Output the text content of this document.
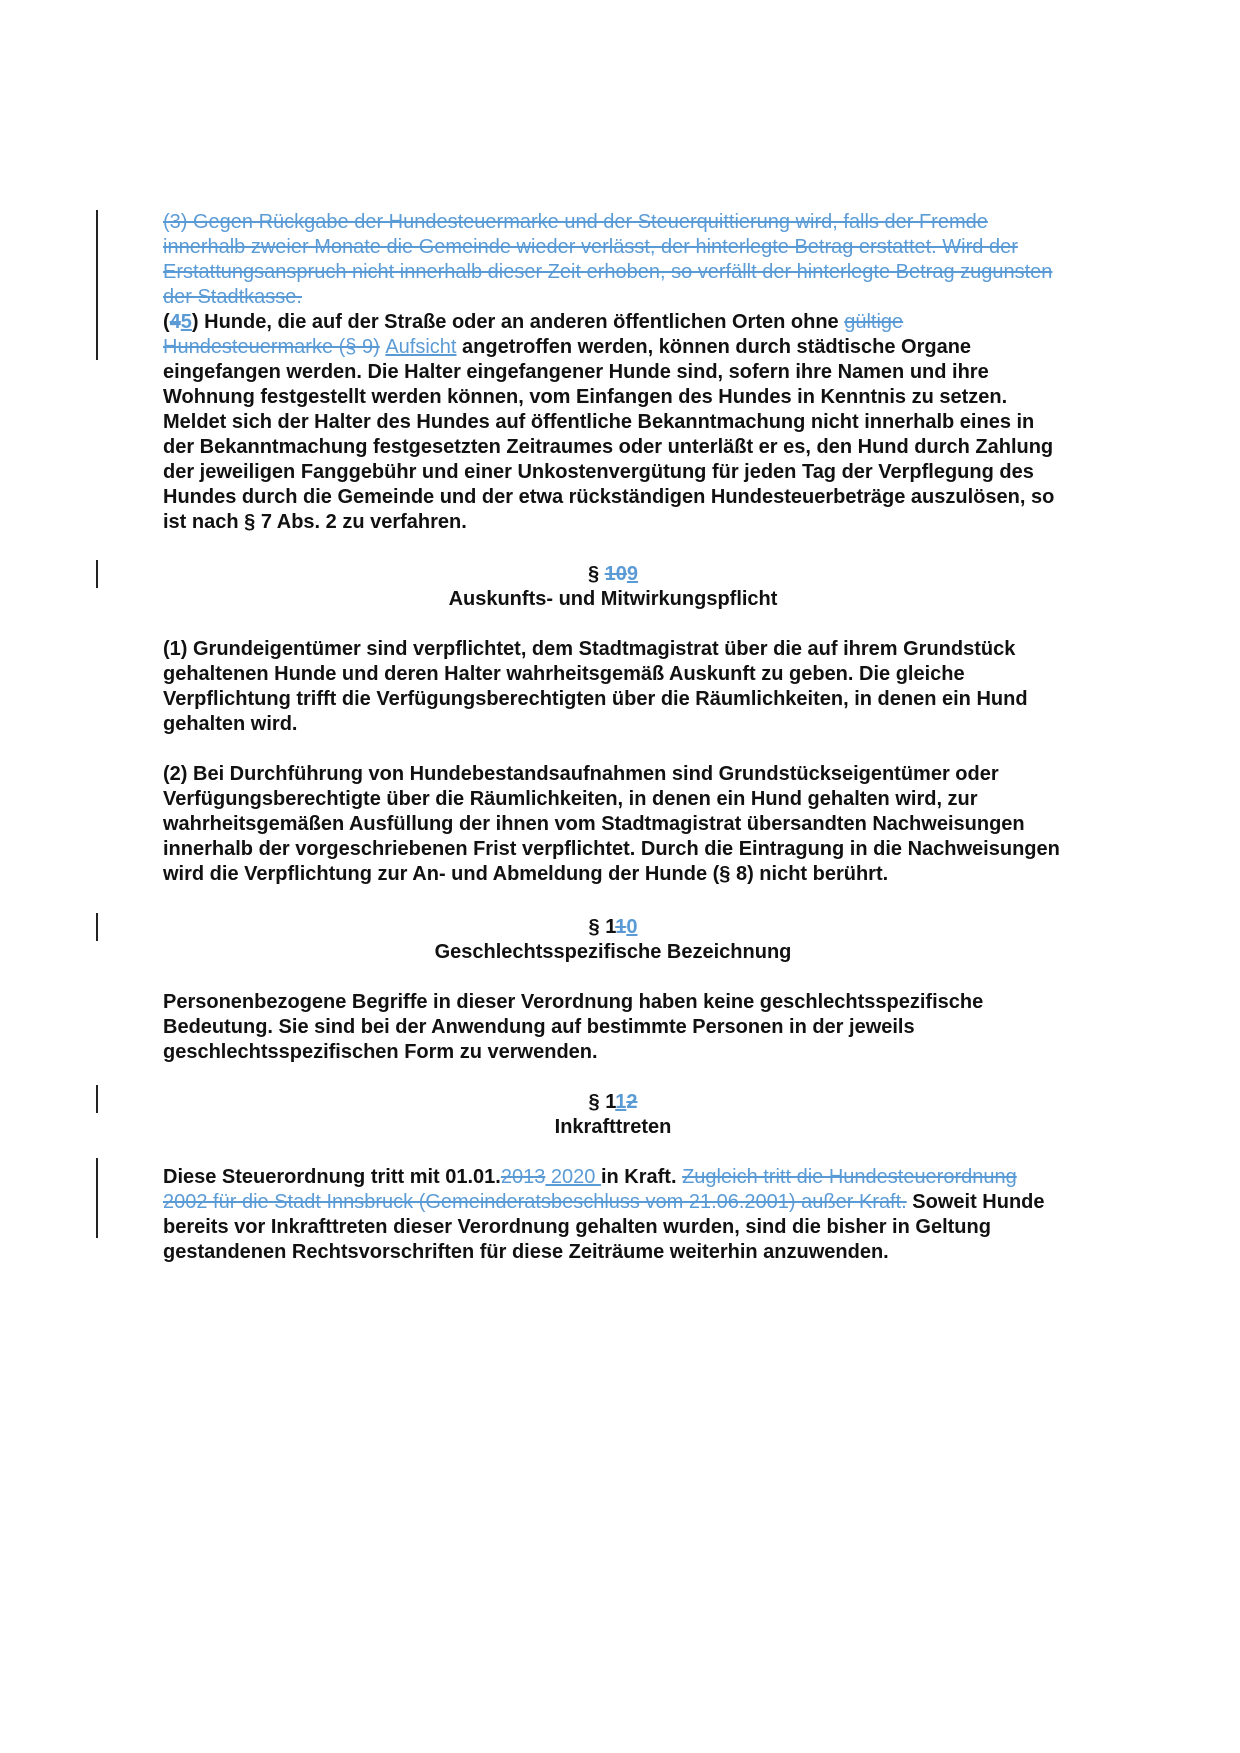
(3) Gegen Rückgabe der Hundesteuermarke und der Steuerquittierung wird, falls der Fremde innerhalb zweier Monate die Gemeinde wieder verlässt, der hinterlegte Betrag erstattet. Wird der Erstattungsanspruch nicht innerhalb dieser Zeit erhoben, so verfällt der hinterlegte Betrag zugunsten der Stadtkasse.

(45) Hunde, die auf der Straße oder an anderen öffentlichen Orten ohne gültige Hundesteuermarke (§ 9) Aufsicht angetroffen werden, können durch städtische Organe eingefangen werden. Die Halter eingefangener Hunde sind, sofern ihre Namen und ihre Wohnung festgestellt werden können, vom Einfangen des Hundes in Kenntnis zu setzen. Meldet sich der Halter des Hundes auf öffentliche Bekanntmachung nicht innerhalb eines in der Bekanntmachung festgesetzten Zeitraumes oder unterläßt er es, den Hund durch Zahlung der jeweiligen Fanggebühr und einer Unkostenvergütung für jeden Tag der Verpflegung des Hundes durch die Gemeinde und der etwa rückständigen Hundesteuerbeträge auszulösen, so ist nach § 7 Abs. 2 zu verfahren.

§ 109
Auskunfts- und Mitwirkungspflicht

(1) Grundeigentümer sind verpflichtet, dem Stadtmagistrat über die auf ihrem Grundstück gehaltenen Hunde und deren Halter wahrheitsgemäß Auskunft zu geben. Die gleiche Verpflichtung trifft die Verfügungsberechtigten über die Räumlichkeiten, in denen ein Hund gehalten wird.

(2) Bei Durchführung von Hundebestandsaufnahmen sind Grundstückseigentümer oder Verfügungsberechtigte über die Räumlichkeiten, in denen ein Hund gehalten wird, zur wahrheitsgemäßen Ausfüllung der ihnen vom Stadtmagistrat übersandten Nachweisungen innerhalb der vorgeschriebenen Frist verpflichtet. Durch die Eintragung in die Nachweisungen wird die Verpflichtung zur An- und Abmeldung der Hunde (§ 8) nicht berührt.

§ 110
Geschlechtsspezifische Bezeichnung

Personenbezogene Begriffe in dieser Verordnung haben keine geschlechtsspezifische Bedeutung. Sie sind bei der Anwendung auf bestimmte Personen in der jeweils geschlechtsspezifischen Form zu verwenden.

§ 112
Inkrafttreten

Diese Steuerordnung tritt mit 01.01.2013 2020 in Kraft. Zugleich tritt die Hundesteuerordnung 2002 für die Stadt Innsbruck (Gemeinderatsbeschluss vom 21.06.2001) außer Kraft. Soweit Hunde bereits vor Inkrafttreten dieser Verordnung gehalten wurden, sind die bisher in Geltung gestandenen Rechtsvorschriften für diese Zeiträume weiterhin anzuwenden.
